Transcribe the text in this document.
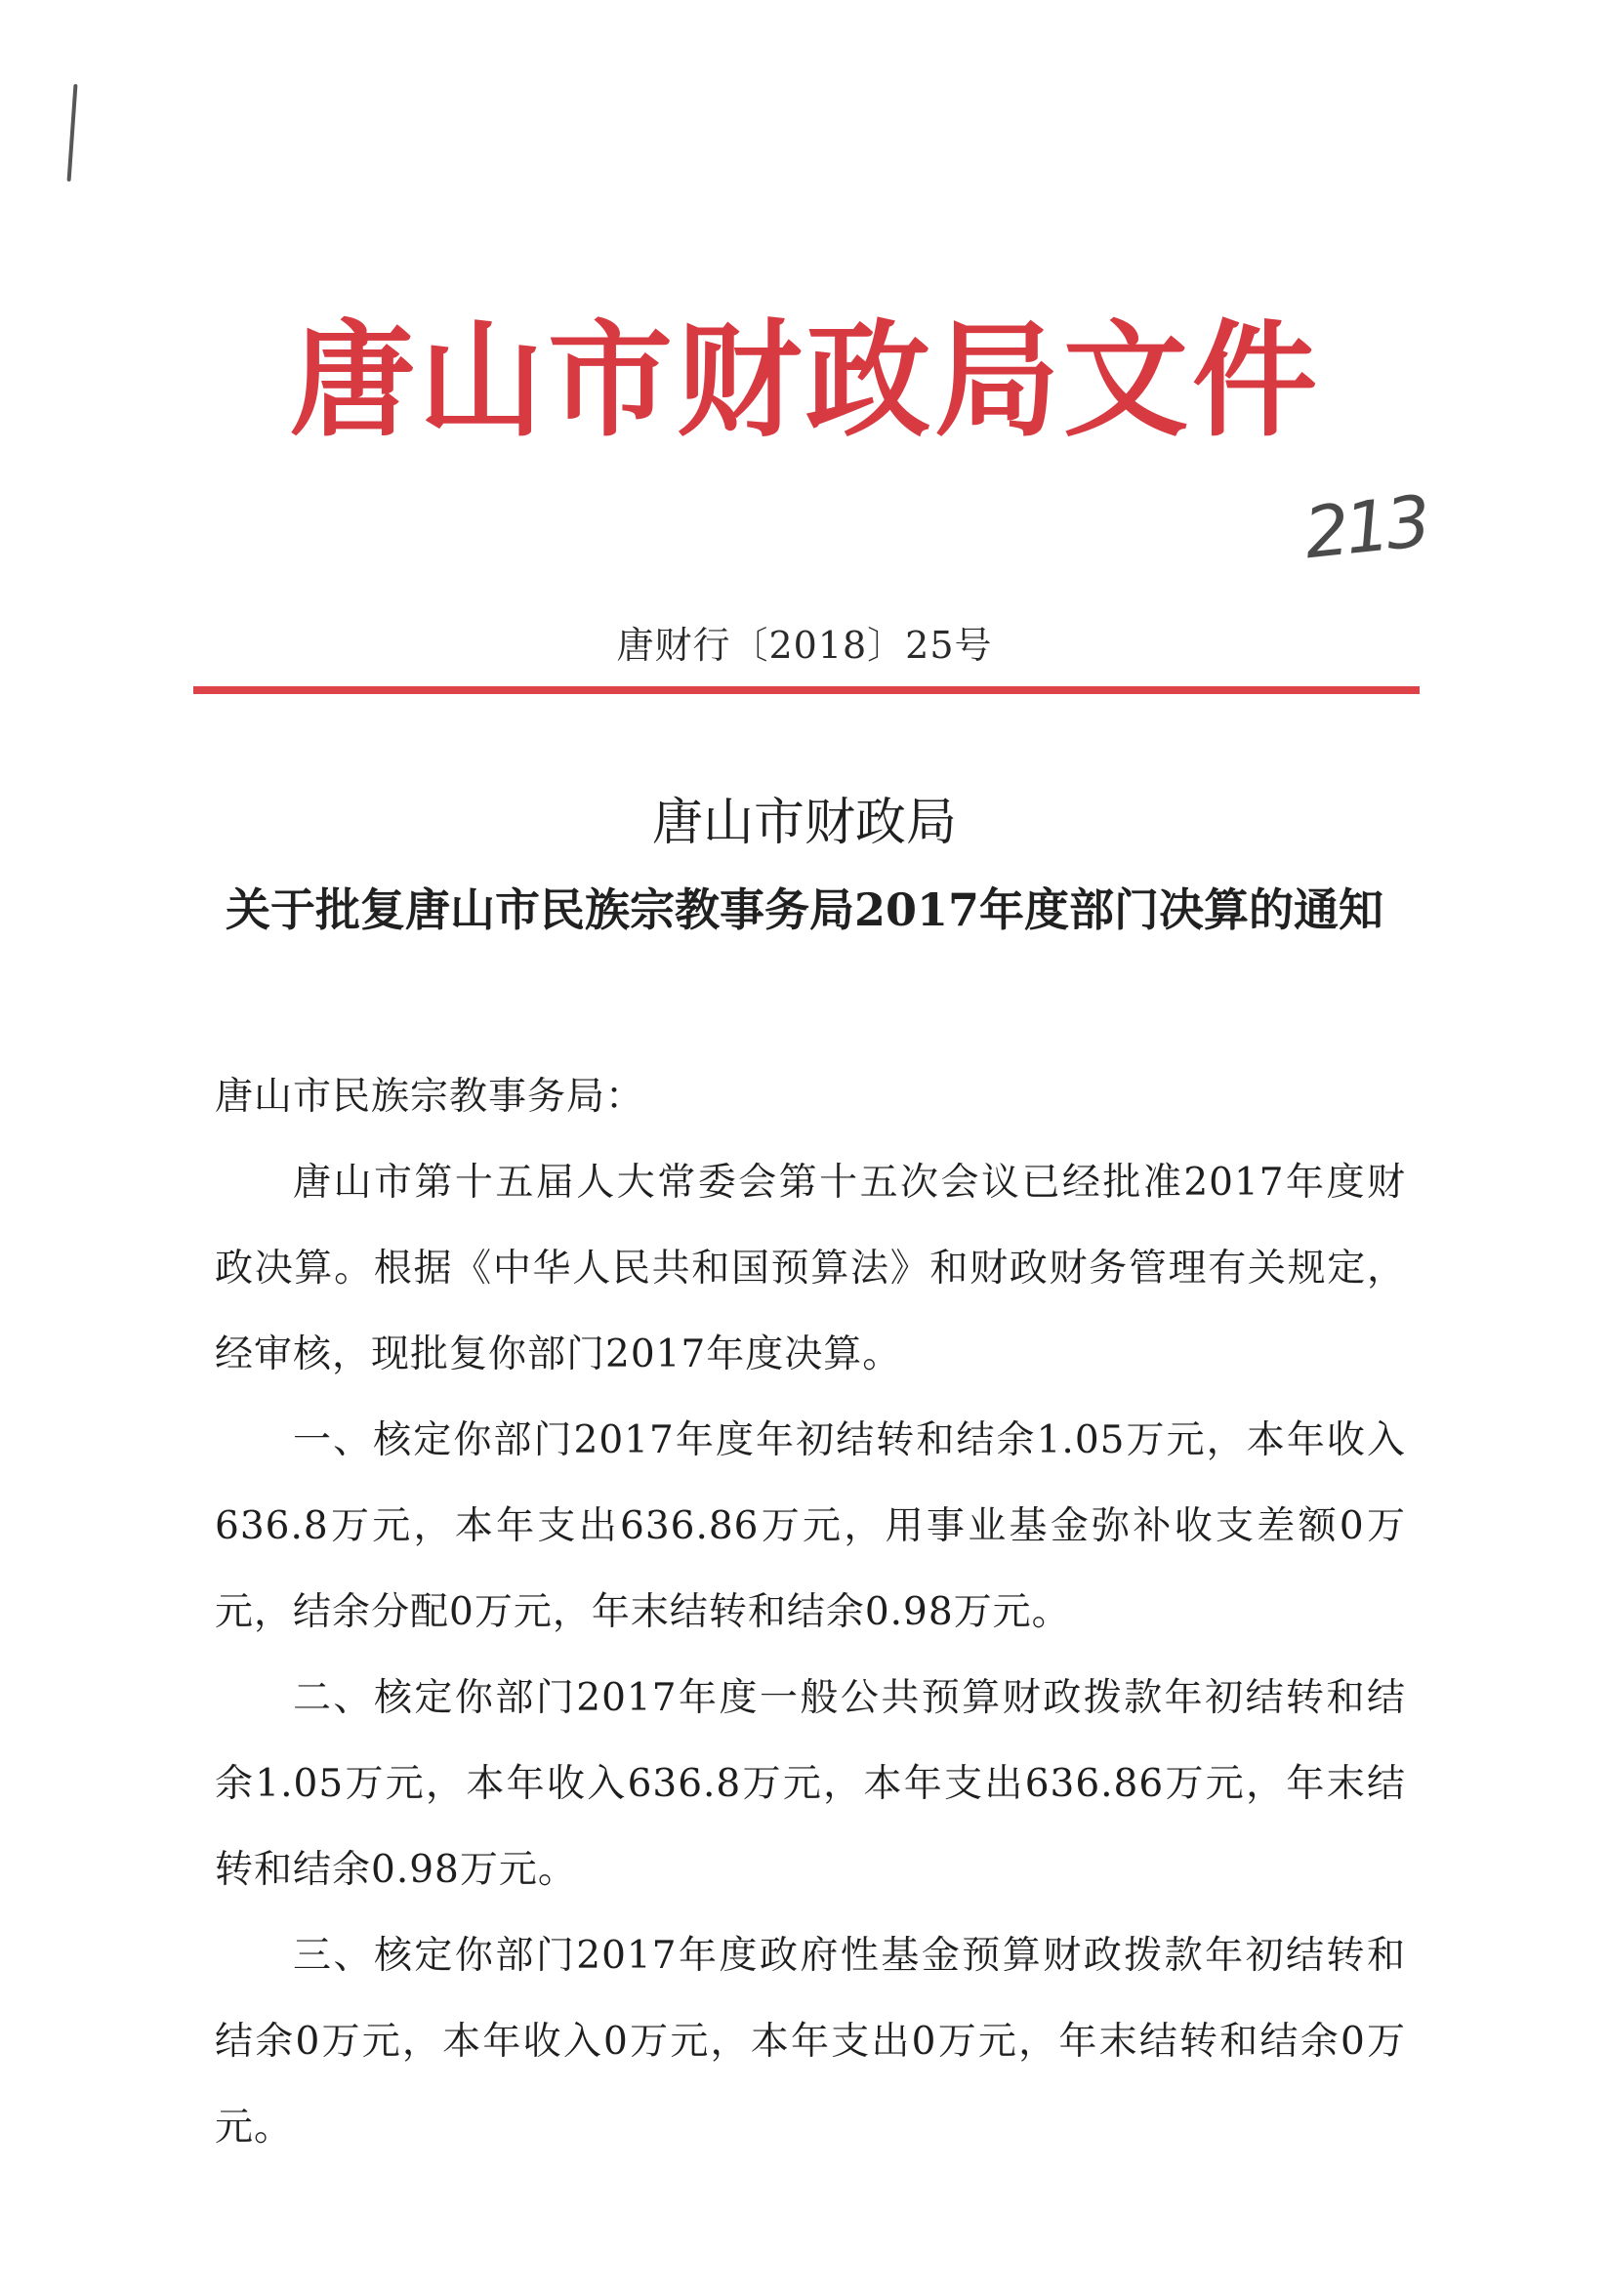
唐山市财政局文件
213
唐财行〔2018〕25号
唐山市财政局
关于批复唐山市民族宗教事务局2017年度部门决算的通知

唐山市民族宗教事务局：

唐山市第十五届人大常委会第十五次会议已经批准2017年度财政决算。根据《中华人民共和国预算法》和财政财务管理有关规定，经审核，现批复你部门2017年度决算。

一、核定你部门2017年度年初结转和结余1.05万元，本年收入636.8万元，本年支出636.86万元，用事业基金弥补收支差额0万元，结余分配0万元，年末结转和结余0.98万元。

二、核定你部门2017年度一般公共预算财政拨款年初结转和结余1.05万元，本年收入636.8万元，本年支出636.86万元，年末结转和结余0.98万元。

三、核定你部门2017年度政府性基金预算财政拨款年初结转和结余0万元，本年收入0万元，本年支出0万元，年末结转和结余0万元。
